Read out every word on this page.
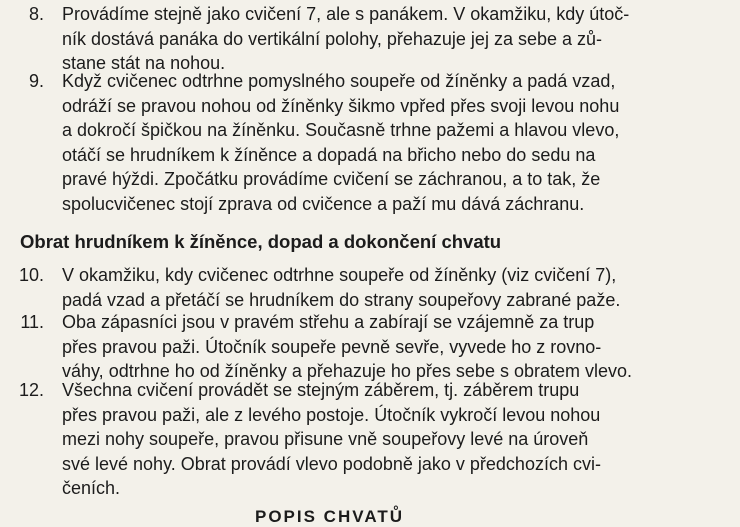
8. Provádíme stejně jako cvičení 7, ale s panákem. V okamžiku, kdy útoč-
ník dostává panáka do vertikální polohy, přehazuje jej za sebe a zů-
stane stát na nohou.
9. Když cvičenec odtrhne pomyslného soupeře od žíněnky a padá vzad,
odráží se pravou nohou od žíněnky šikmo vpřed přes svoji levou nohu
a dokročí špičkou na žíněnku. Současně trhne pažemi a hlavou vlevo,
otáčí se hrudníkem k žíněnce a dopadá na břicho nebo do sedu na
pravé hýždi. Zpočátku provádíme cvičení se záchranou, a to tak, že
spolucvičenec stojí zprava od cvičence a paží mu dává záchranu.
Obrat hrudníkem k žíněnce, dopad a dokončení chvatu
10. V okamžiku, kdy cvičenec odtrhne soupeře od žíněnky (viz cvičení 7),
padá vzad a přetáčí se hrudníkem do strany soupeřovy zabrané paže.
11. Oba zápasníci jsou v pravém střehu a zabírají se vzájemně za trup
přes pravou paži. Útočník soupeře pevně sevře, vyvede ho z rovno-
váhy, odtrhne ho od žíněnky a přehazuje ho přes sebe s obratem vlevo.
12. Všechna cvičení provádět se stejným záběrem, tj. záběrem trupu
přes pravou paži, ale z levého postoje. Útočník vykročí levou nohou
mezi nohy soupeře, pravou přisune vně soupeřovy levé na úroveň
své levé nohy. Obrat provádí vlevo podobně jako v předchozích cvi-
čeních.
POPIS CHVATŮ
